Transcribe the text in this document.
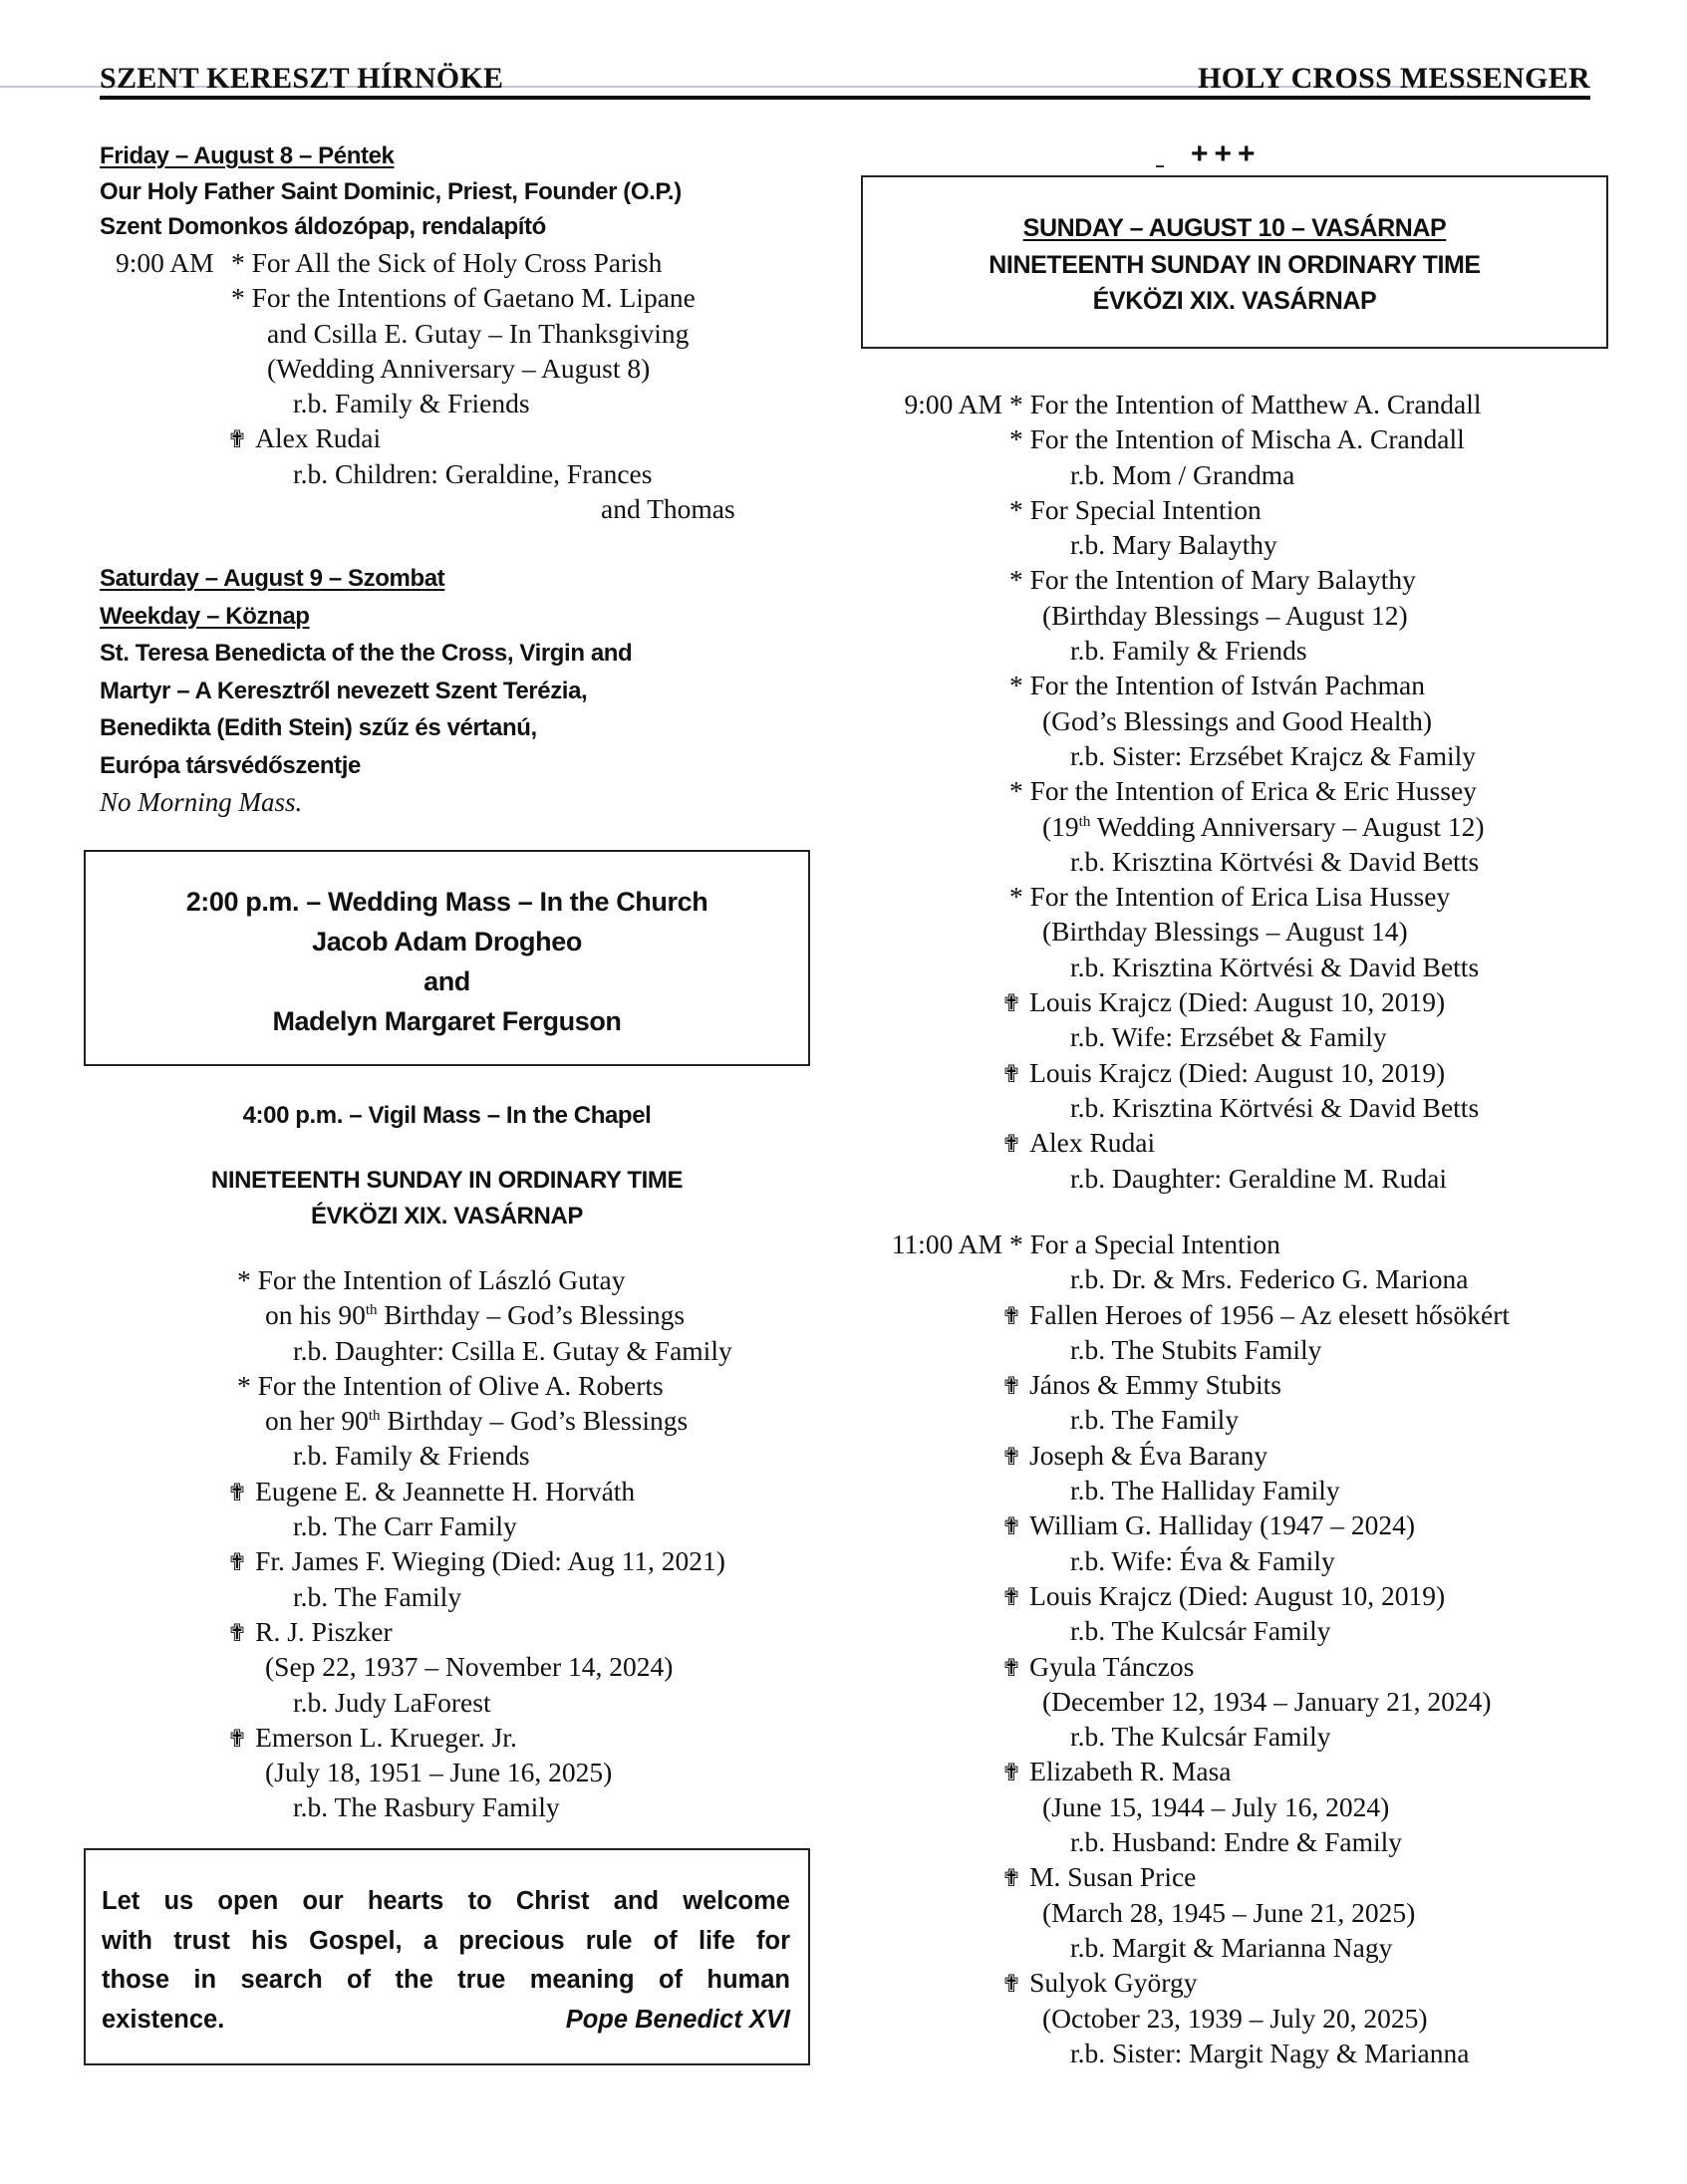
SZENT KERESZT HÍRNÖKE	HOLY CROSS MESSENGER
Friday – August 8 – Péntek
Our Holy Father Saint Dominic, Priest, Founder (O.P.)
Szent Domonkos áldozópap, rendalapító
9:00 AM * For All the Sick of Holy Cross Parish
* For the Intentions of Gaetano M. Lipane
and Csilla E. Gutay – In Thanksgiving
(Wedding Anniversary – August 8)
r.b. Family & Friends
✟ Alex Rudai
r.b. Children: Geraldine, Frances
and Thomas
Saturday – August 9 – Szombat
Weekday – Köznap
St. Teresa Benedicta of the the Cross, Virgin and
Martyr – A Keresztről nevezett Szent Terézia,
Benedikta (Edith Stein) szűz és vértanú,
Európa társvédőszentje
No Morning Mass.
2:00 p.m. – Wedding Mass – In the Church
Jacob Adam Drogheo
and
Madelyn Margaret Ferguson
4:00 p.m. – Vigil Mass – In the Chapel
NINETEENTH SUNDAY IN ORDINARY TIME
ÉVKÖZI XIX. VASÁRNAP
* For the Intention of László Gutay
on his 90th Birthday – God’s Blessings
r.b. Daughter: Csilla E. Gutay & Family
* For the Intention of Olive A. Roberts
on her 90th Birthday – God’s Blessings
r.b. Family & Friends
✟ Eugene E. & Jeannette H. Horváth
r.b. The Carr Family
✟ Fr. James F. Wieging (Died: Aug 11, 2021)
r.b. The Family
✟ R. J. Piszker
(Sep 22, 1937 – November 14, 2024)
r.b. Judy LaForest
✟ Emerson L. Krueger. Jr.
(July 18, 1951 – June 16, 2025)
r.b. The Rasbury Family
Let us open our hearts to Christ and welcome
with trust his Gospel, a precious rule of life for
those in search of the true meaning of human
existence.	Pope Benedict XVI
+++
SUNDAY – AUGUST 10 – VASÁRNAP
NINETEENTH SUNDAY IN ORDINARY TIME
ÉVKÖZI XIX. VASÁRNAP
9:00 AM * For the Intention of Matthew A. Crandall
* For the Intention of Mischa A. Crandall
r.b. Mom / Grandma
* For Special Intention
r.b. Mary Balaythy
* For the Intention of Mary Balaythy
(Birthday Blessings – August 12)
r.b. Family & Friends
* For the Intention of István Pachman
(God’s Blessings and Good Health)
r.b. Sister: Erzsébet Krajcz & Family
* For the Intention of Erica & Eric Hussey
(19th Wedding Anniversary – August 12)
r.b. Krisztina Körtvési & David Betts
* For the Intention of Erica Lisa Hussey
(Birthday Blessings – August 14)
r.b. Krisztina Körtvési & David Betts
✟ Louis Krajcz (Died: August 10, 2019)
r.b. Wife: Erzsébet & Family
✟ Louis Krajcz (Died: August 10, 2019)
r.b. Krisztina Körtvési & David Betts
✟ Alex Rudai
r.b. Daughter: Geraldine M. Rudai
11:00 AM * For a Special Intention
r.b. Dr. & Mrs. Federico G. Mariona
✟ Fallen Heroes of 1956 – Az elesett hősökért
r.b. The Stubits Family
✟ János & Emmy Stubits
r.b. The Family
✟ Joseph & Éva Barany
r.b. The Halliday Family
✟ William G. Halliday (1947 – 2024)
r.b. Wife: Éva & Family
✟ Louis Krajcz (Died: August 10, 2019)
r.b. The Kulcsár Family
✟ Gyula Tánczos
(December 12, 1934 – January 21, 2024)
r.b. The Kulcsár Family
✟ Elizabeth R. Masa
(June 15, 1944 – July 16, 2024)
r.b. Husband: Endre & Family
✟ M. Susan Price
(March 28, 1945 – June 21, 2025)
r.b. Margit & Marianna Nagy
✟ Sulyok György
(October 23, 1939 – July 20, 2025)
r.b. Sister: Margit Nagy & Marianna
